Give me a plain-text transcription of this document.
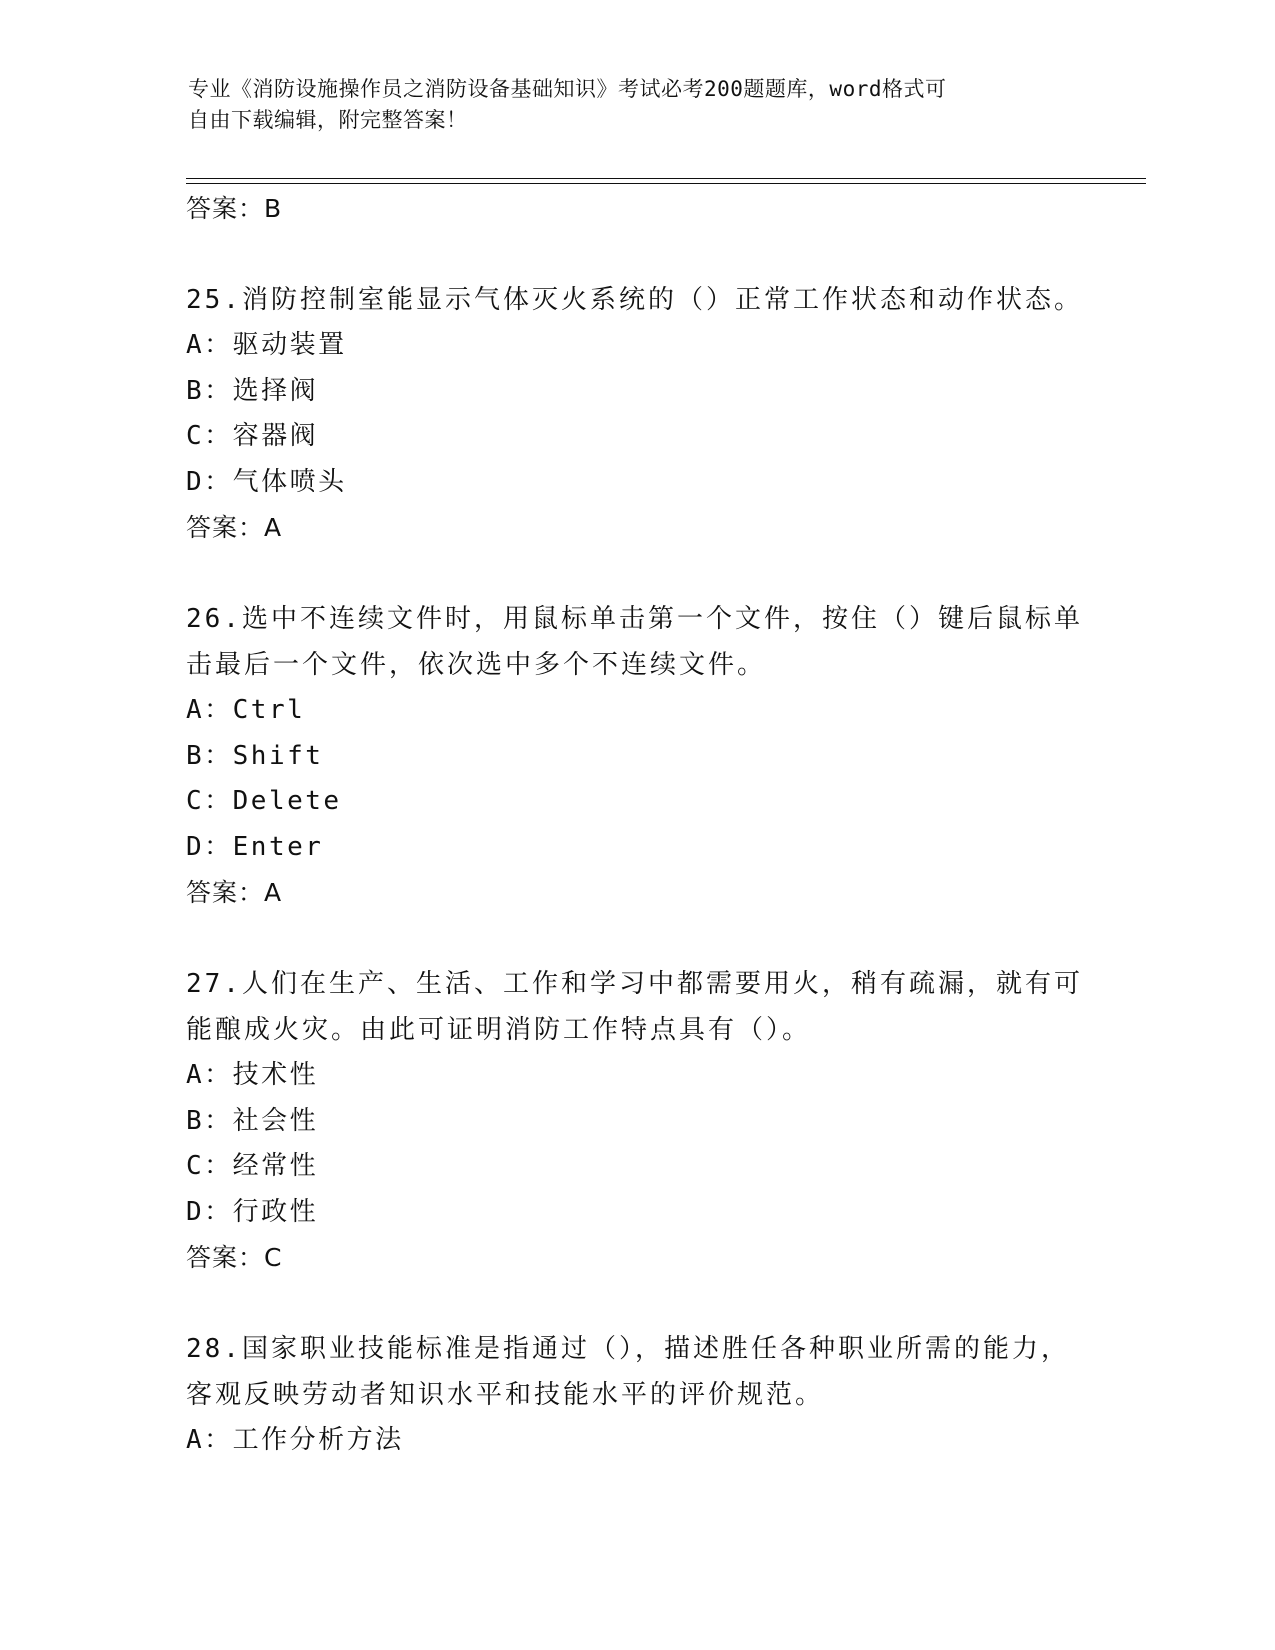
专业《消防设施操作员之消防设备基础知识》考试必考200题题库，word格式可
自由下载编辑，附完整答案！
答案：B
25.消防控制室能显示气体灭火系统的（）正常工作状态和动作状态。
A：驱动装置
B：选择阀
C：容器阀
D：气体喷头
答案：A
26.选中不连续文件时，用鼠标单击第一个文件，按住（）键后鼠标单
击最后一个文件，依次选中多个不连续文件。
A：Ctrl
B：Shift
C：Delete
D：Enter
答案：A
27.人们在生产、生活、工作和学习中都需要用火，稍有疏漏，就有可
能酿成火灾。由此可证明消防工作特点具有（）。
A：技术性
B：社会性
C：经常性
D：行政性
答案：C
28.国家职业技能标准是指通过（），描述胜任各种职业所需的能力，
客观反映劳动者知识水平和技能水平的评价规范。
A：工作分析方法
